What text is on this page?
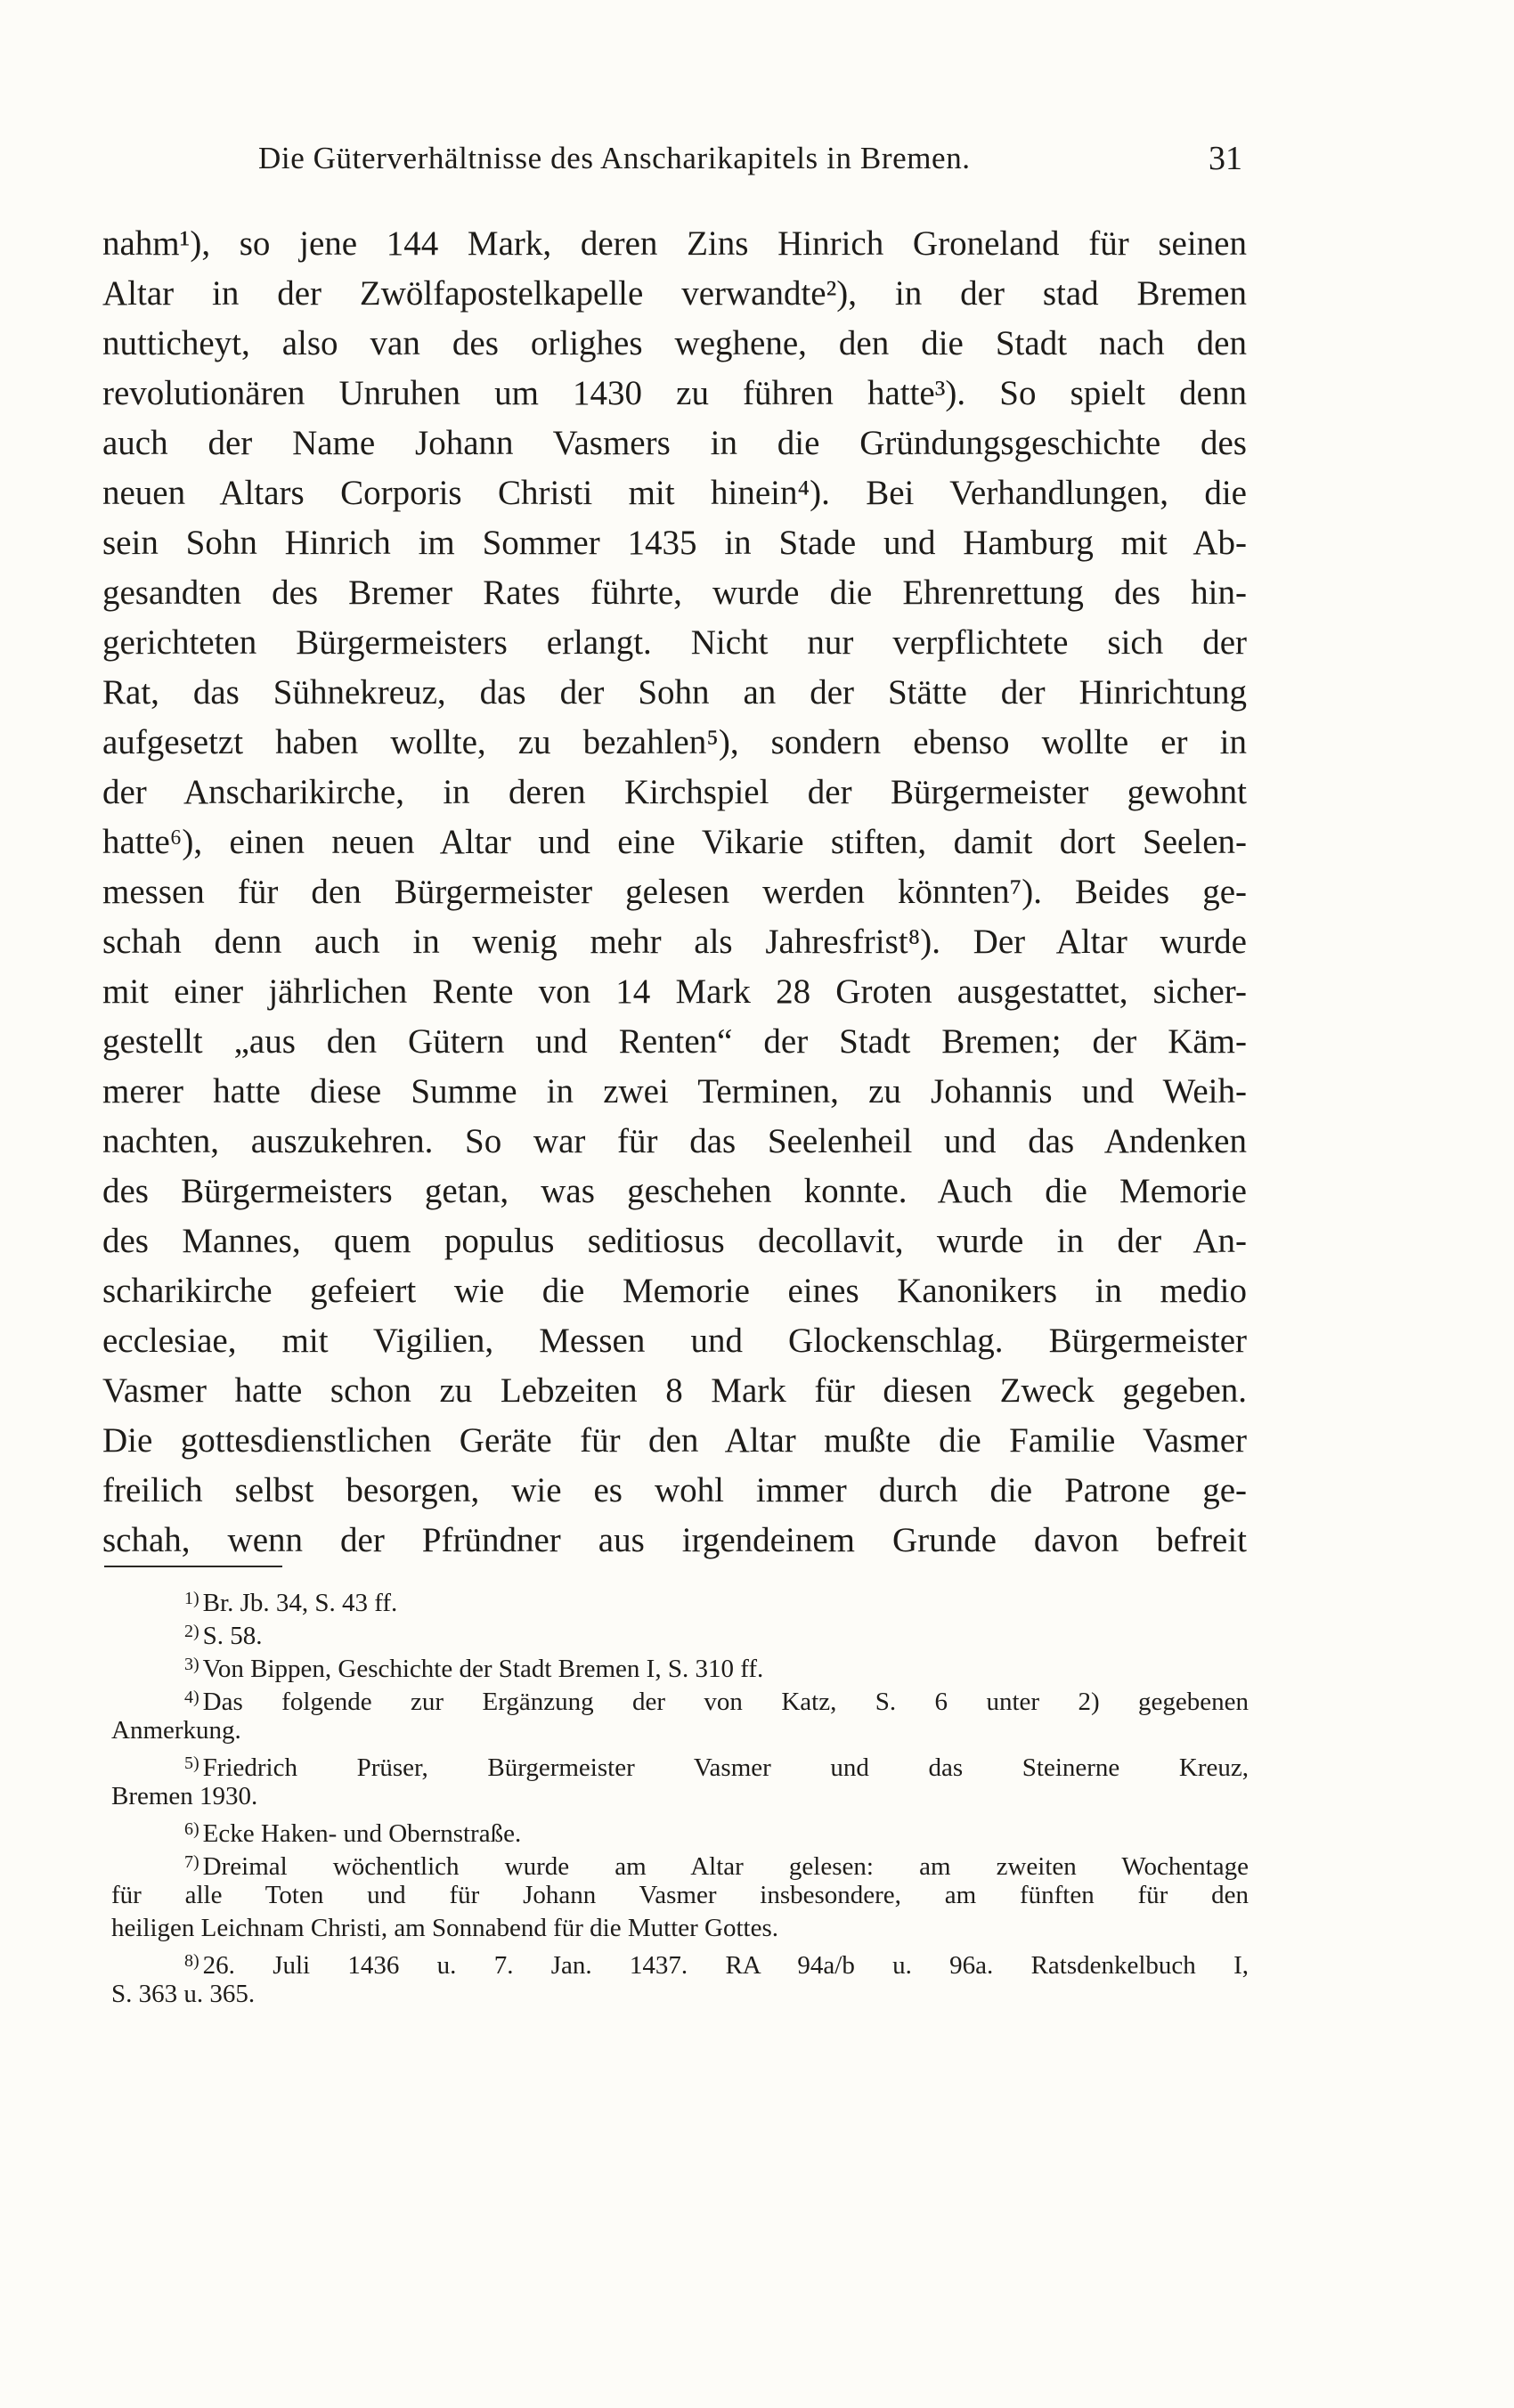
Die Güterverhältnisse des Anscharikapitels in Bremen.	31
nahm¹), so jene 144 Mark, deren Zins Hinrich Groneland für seinen
Altar in der Zwölfapostelkapelle verwandte²), in der stad Bremen
nutticheyt, also van des orlighes weghene, den die Stadt nach den
revolutionären Unruhen um 1430 zu führen hatte³). So spielt denn
auch der Name Johann Vasmers in die Gründungsgeschichte des
neuen Altars Corporis Christi mit hinein⁴). Bei Verhandlungen, die
sein Sohn Hinrich im Sommer 1435 in Stade und Hamburg mit Ab-
gesandten des Bremer Rates führte, wurde die Ehrenrettung des hin-
gerichteten Bürgermeisters erlangt. Nicht nur verpflichtete sich der
Rat, das Sühnekreuz, das der Sohn an der Stätte der Hinrichtung
aufgesetzt haben wollte, zu bezahlen⁵), sondern ebenso wollte er in
der Anscharikirche, in deren Kirchspiel der Bürgermeister gewohnt
hatte⁶), einen neuen Altar und eine Vikarie stiften, damit dort Seelen-
messen für den Bürgermeister gelesen werden könnten⁷). Beides ge-
schah denn auch in wenig mehr als Jahresfrist⁸). Der Altar wurde
mit einer jährlichen Rente von 14 Mark 28 Groten ausgestattet, sicher-
gestellt „aus den Gütern und Renten“ der Stadt Bremen; der Käm-
merer hatte diese Summe in zwei Terminen, zu Johannis und Weih-
nachten, auszukehren. So war für das Seelenheil und das Andenken
des Bürgermeisters getan, was geschehen konnte. Auch die Memorie
des Mannes, quem populus seditiosus decollavit, wurde in der An-
scharikirche gefeiert wie die Memorie eines Kanonikers in medio
ecclesiae, mit Vigilien, Messen und Glockenschlag. Bürgermeister
Vasmer hatte schon zu Lebzeiten 8 Mark für diesen Zweck gegeben.
Die gottesdienstlichen Geräte für den Altar mußte die Familie Vasmer
freilich selbst besorgen, wie es wohl immer durch die Patrone ge-
schah, wenn der Pfründner aus irgendeinem Grunde davon befreit
$^{1)}$ Br. Jb. 34, S. 43 ff.
$^{2)}$ S. 58.
$^{3)}$ Von Bippen, Geschichte der Stadt Bremen I, S. 310 ff.
$^{4)}$ Das folgende zur Ergänzung der von Katz, S. 6 unter 2) gegebenen
Anmerkung.
$^{5)}$ Friedrich Prüser, Bürgermeister Vasmer und das Steinerne Kreuz,
Bremen 1930.
$^{6)}$ Ecke Haken- und Obernstraße.
$^{7)}$ Dreimal wöchentlich wurde am Altar gelesen: am zweiten Wochentage
für alle Toten und für Johann Vasmer insbesondere, am fünften für den
heiligen Leichnam Christi, am Sonnabend für die Mutter Gottes.
$^{8)}$ 26. Juli 1436 u. 7. Jan. 1437. RA 94a/b u. 96a. Ratsdenkelbuch I,
S. 363 u. 365.
